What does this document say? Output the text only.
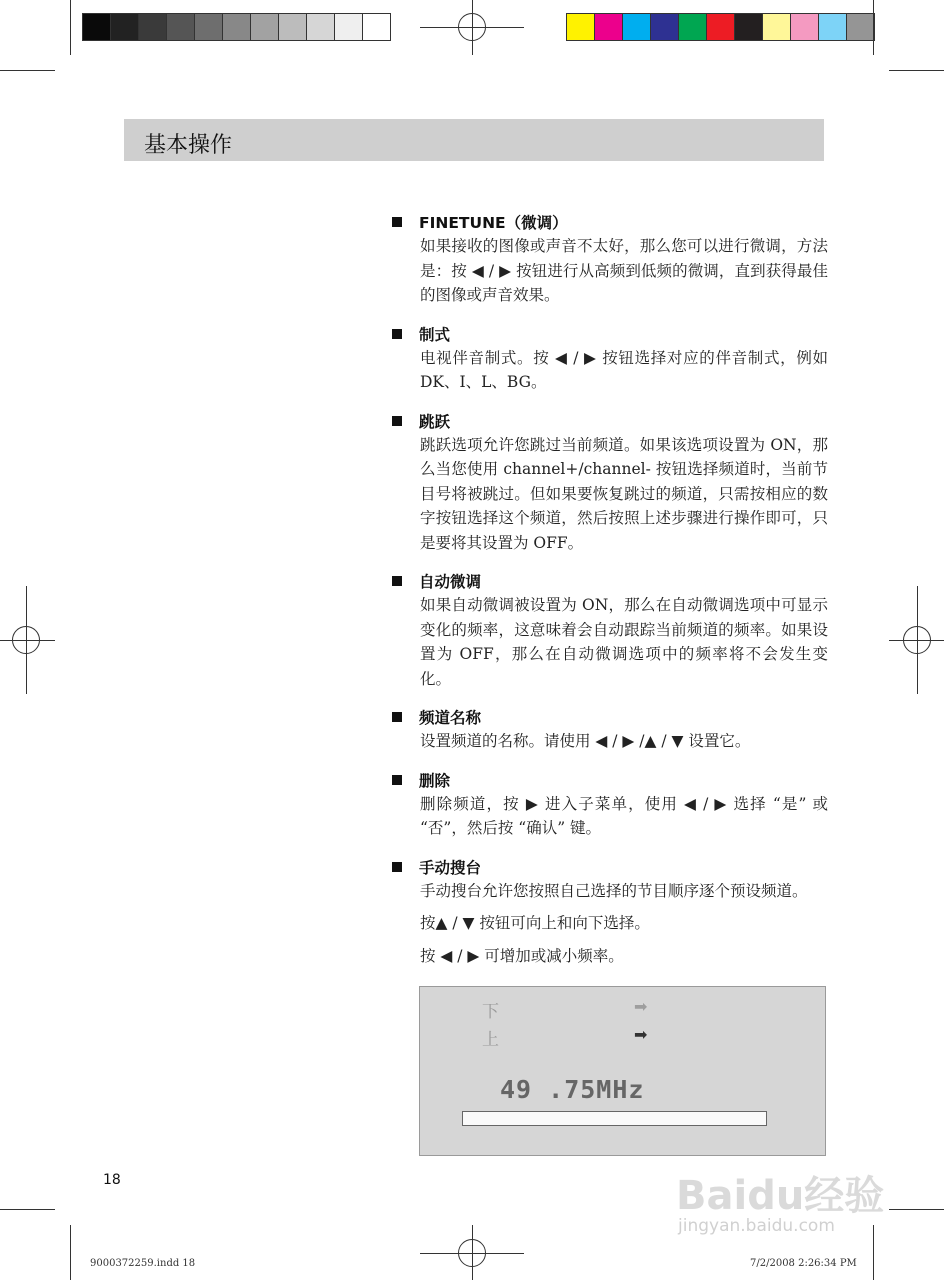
基本操作
FINETUNE（微调）
如果接收的图像或声音不太好，那么您可以进行微调，方法是：按 ◀ / ▶ 按钮进行从高频到低频的微调，直到获得最佳的图像或声音效果。
制式
电视伴音制式。按 ◀ / ▶ 按钮选择对应的伴音制式，例如 DK、I、L、BG。
跳跃
跳跃选项允许您跳过当前频道。如果该选项设置为 ON，那么当您使用 channel+/channel- 按钮选择频道时，当前节目号将被跳过。但如果要恢复跳过的频道，只需按相应的数字按钮选择这个频道，然后按照上述步骤进行操作即可，只是要将其设置为 OFF。
自动微调
如果自动微调被设置为 ON，那么在自动微调选项中可显示变化的频率，这意味着会自动跟踪当前频道的频率。如果设置为 OFF，那么在自动微调选项中的频率将不会发生变化。
频道名称
设置频道的名称。请使用 ◀ / ▶ /▲ / ▼ 设置它。
删除
删除频道，按 ▶ 进入子菜单，使用 ◀ / ▶ 选择 “是” 或 “否”，然后按 “确认” 键。
手动搜台
手动搜台允许您按照自己选择的节目顺序逐个预设频道。
按▲ / ▼ 按钮可向上和向下选择。
按 ◀ / ▶ 可增加或减小频率。
下	➡
上	➡
49 .75MHz
18
9000372259.indd 18	7/2/2008 2:26:34 PM
Baidu经验
jingyan.baidu.com
